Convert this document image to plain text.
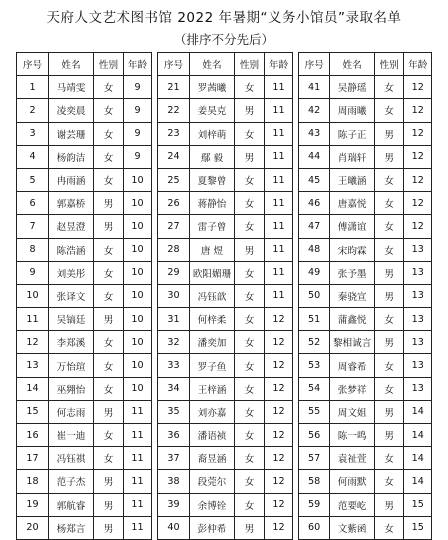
天府人文艺术图书馆 2022 年暑期“义务小馆员”录取名单
（排序不分先后）
序号	姓名	性别	年龄
1	马靖雯	女	9
2	凌奕晨	女	9
3	谢芸珊	女	9
4	杨韵洁	女	9
5	冉雨涵	女	10
6	郭嘉桥	男	10
7	赵昱澄	男	10
8	陈浩涵	女	10
9	刘美彤	女	10
10	张译文	女	10
11	吴镐廷	男	10
12	李郑溪	女	10
13	万怡瑄	女	10
14	巫翙怡	女	10
15	何志雨	男	11
16	崔一迪	女	11
17	冯钰祺	女	11
18	范子杰	男	11
19	郭航睿	男	11
20	杨郑言	男	11
序号	姓名	性别	年龄
21	罗茜曦	女	11
22	姜昊克	男	11
23	刘梓萌	女	11
24	鄢 毅	男	11
25	夏黎曾	女	11
26	蒋静怡	女	11
27	雷子曾	女	11
28	唐 煜	男	11
29	欧阳媚珊	女	11
30	冯钰歆	女	11
31	何梓柔	女	12
32	潘奕加	女	12
33	罗子鱼	女	12
34	王梓涵	女	12
35	刘亦嘉	女	12
36	潘语祯	女	12
37	裔昱涵	女	12
38	段莞尔	女	12
39	余博铨	女	12
40	彭仲希	男	12
序号	姓名	性别	年龄
41	吴静瑶	女	12
42	周雨曦	女	12
43	陈子正	男	12
44	肖瑞轩	男	12
45	王曦涵	女	12
46	唐嘉悦	女	12
47	傅潇谊	女	12
48	宋昀霖	女	13
49	张予墨	男	13
50	秦骁宣	男	13
51	蒲鑫悦	女	13
52	黎相诚言	男	13
53	周睿希	女	13
54	张梦祥	女	13
55	周文姐	男	14
56	陈一鸣	男	14
57	袁祉萱	女	14
58	何雨默	女	14
59	范要屹	男	15
60	文紫函	女	15
